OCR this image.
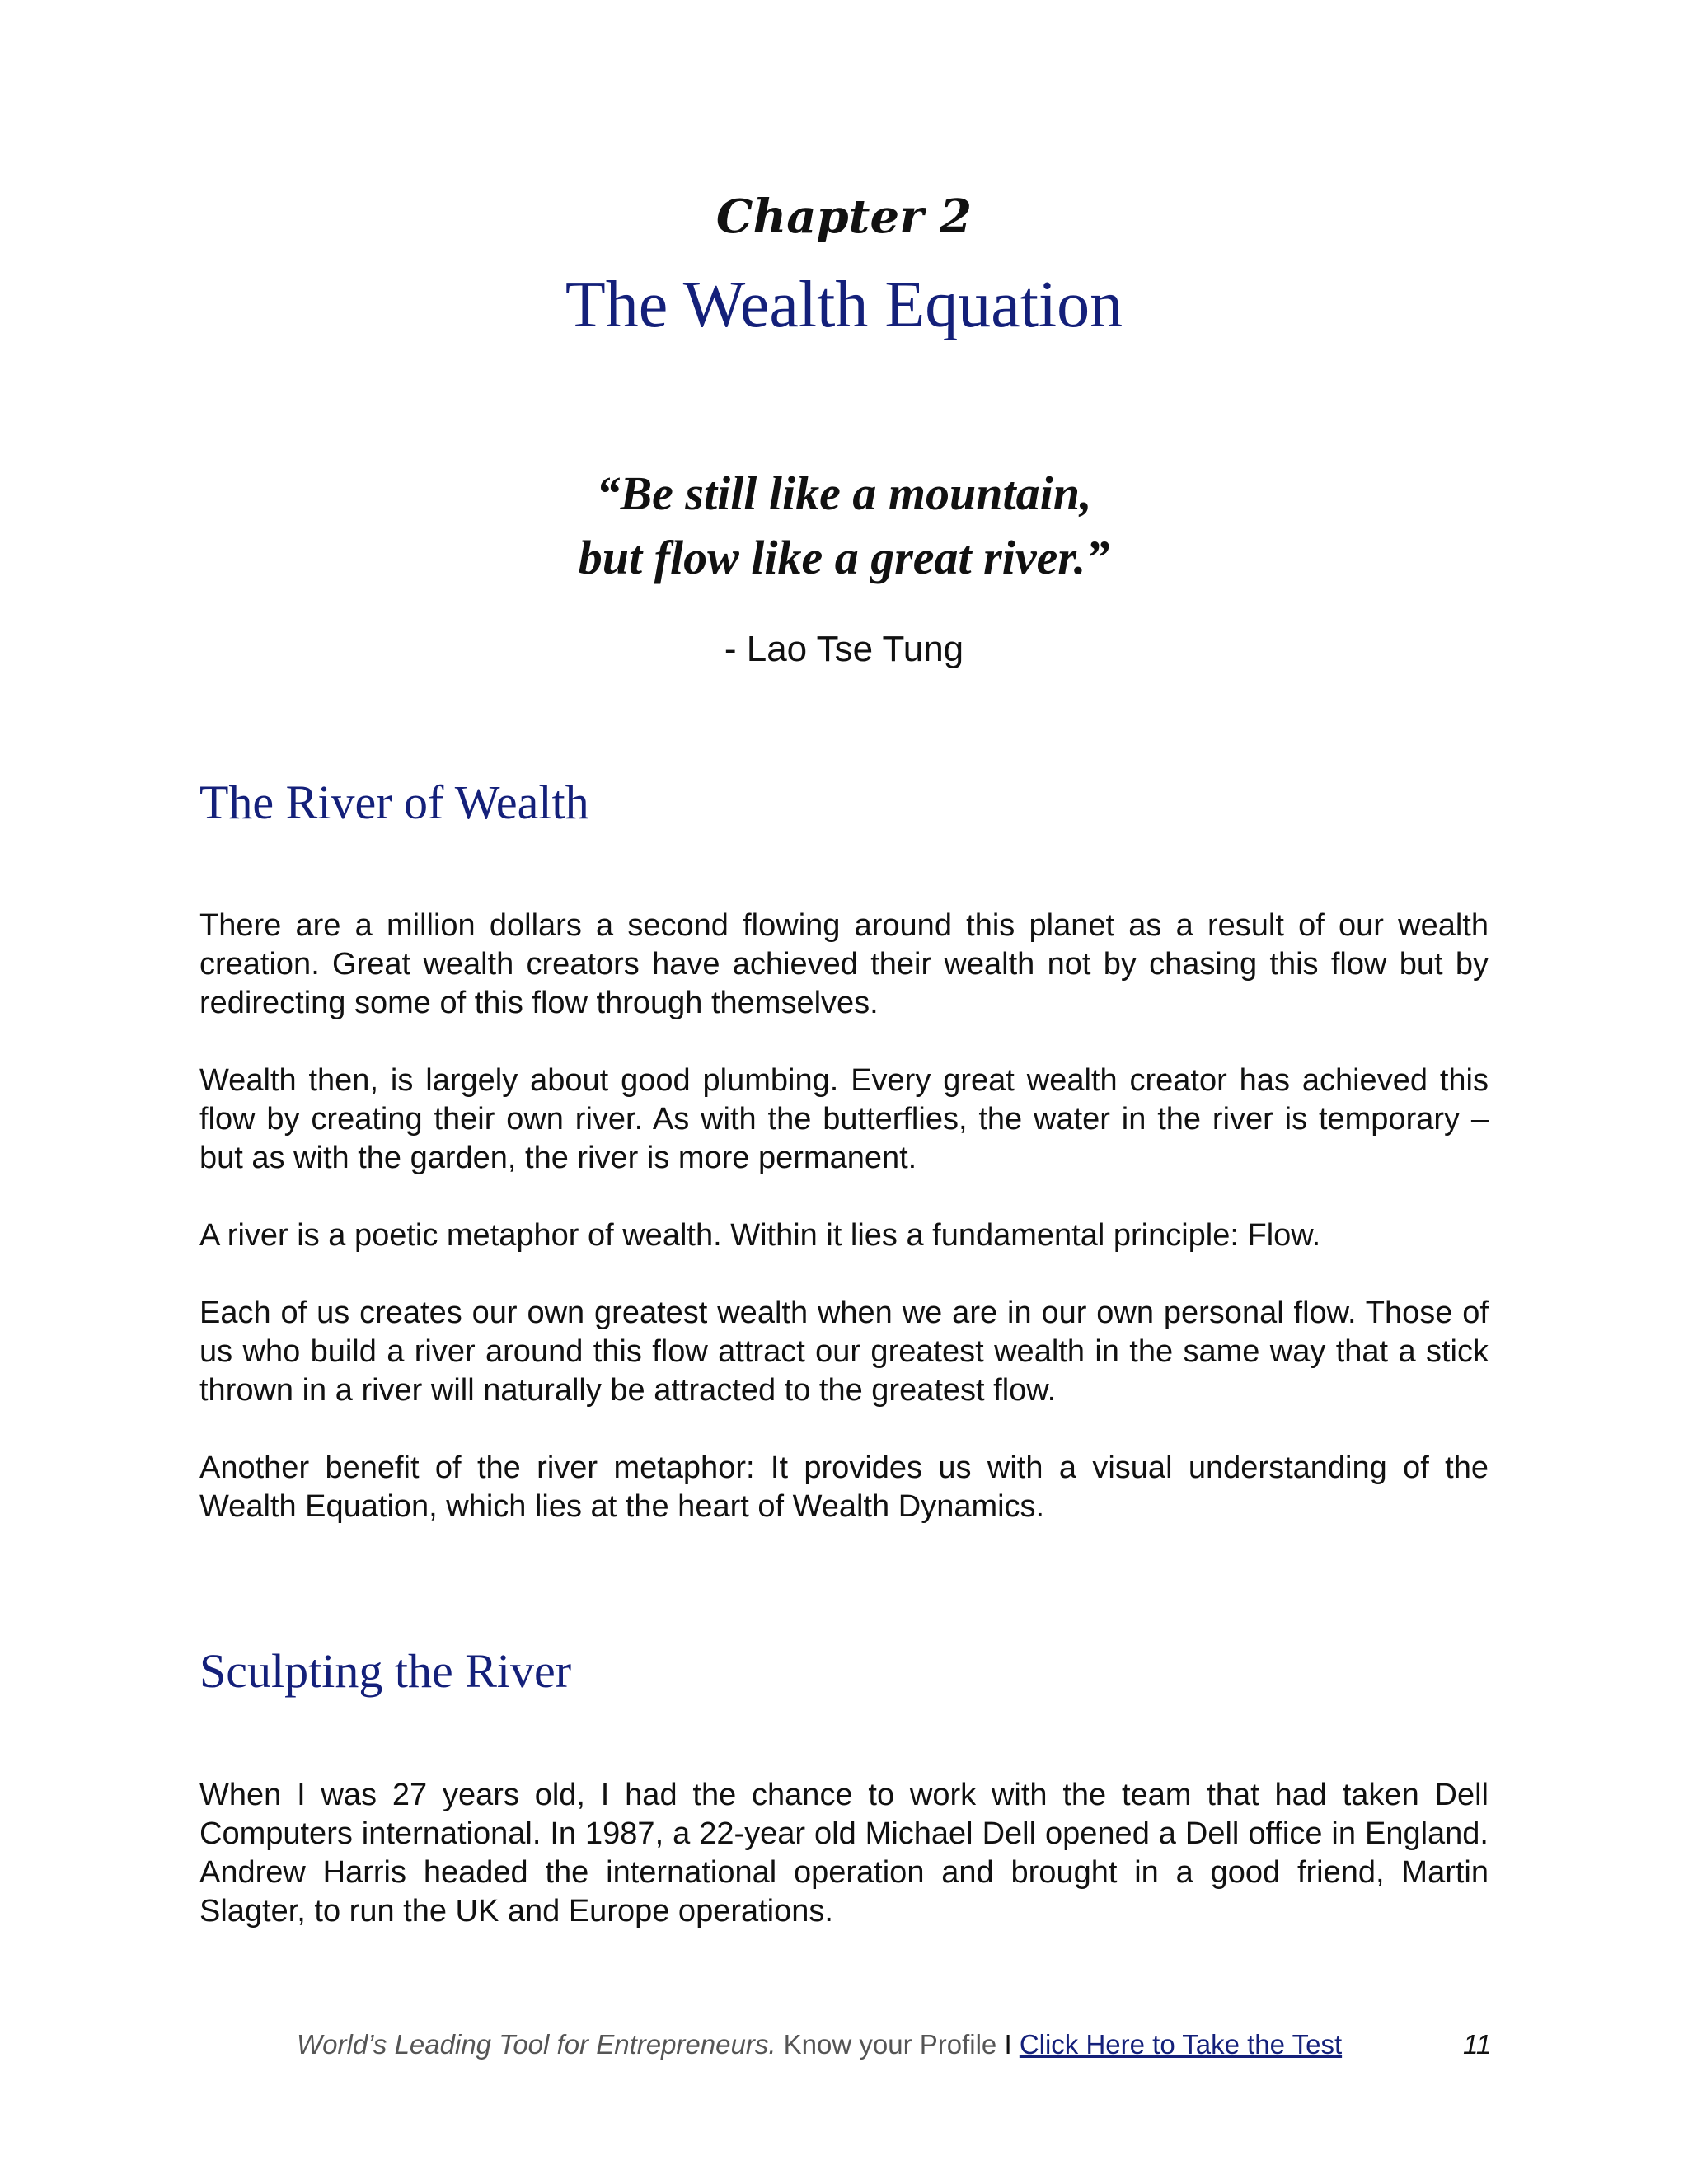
Chapter 2
The Wealth Equation
“Be still like a mountain,
but flow like a great river.”
- Lao Tse Tung
The River of Wealth

There are a million dollars a second flowing around this planet as a result of our wealth creation. Great wealth creators have achieved their wealth not by chasing this flow but by redirecting some of this flow through themselves.

Wealth then, is largely about good plumbing. Every great wealth creator has achieved this flow by creating their own river. As with the butterflies, the water in the river is temporary – but as with the garden, the river is more permanent.

A river is a poetic metaphor of wealth. Within it lies a fundamental principle: Flow.

Each of us creates our own greatest wealth when we are in our own personal flow. Those of us who build a river around this flow attract our greatest wealth in the same way that a stick thrown in a river will naturally be attracted to the greatest flow.

Another benefit of the river metaphor: It provides us with a visual understanding of the Wealth Equation, which lies at the heart of Wealth Dynamics.

Sculpting the River

When I was 27 years old, I had the chance to work with the team that had taken Dell Computers international. In 1987, a 22-year old Michael Dell opened a Dell office in England. Andrew Harris headed the international operation and brought in a good friend, Martin Slagter, to run the UK and Europe operations.

World’s Leading Tool for Entrepreneurs. Know your Profile I Click Here to Take the Test	11
